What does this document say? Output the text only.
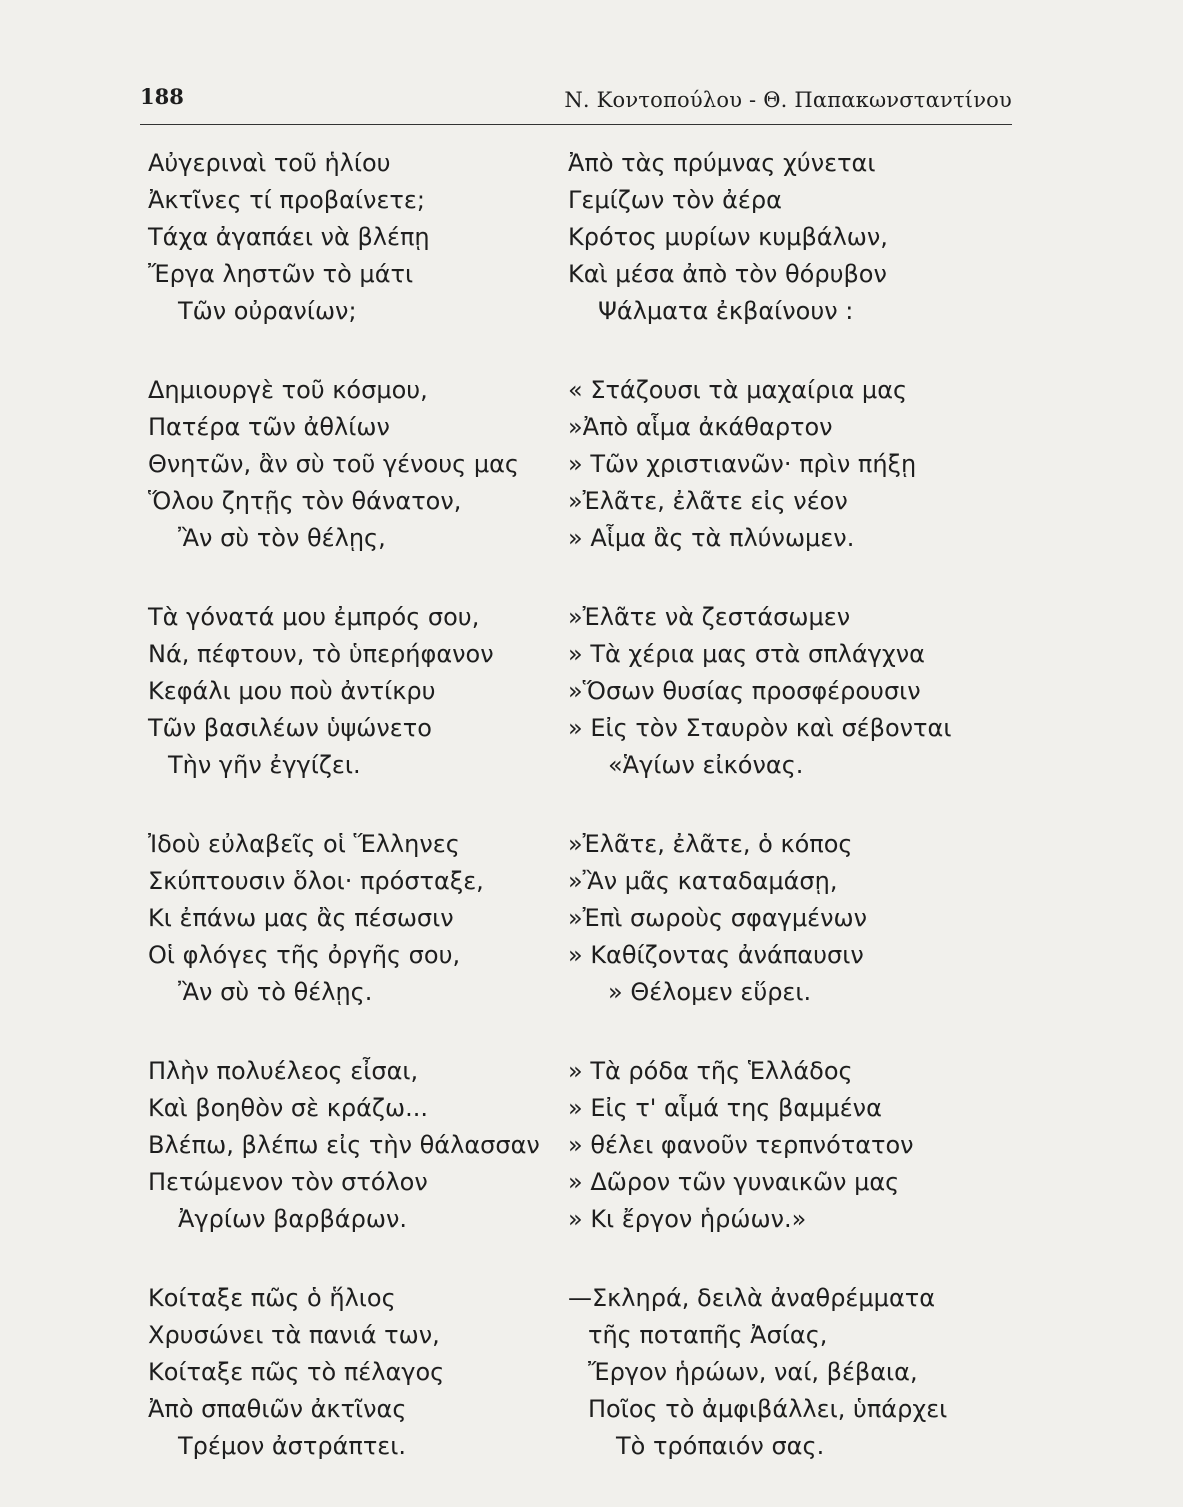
188	Ν. Κοντοπούλου - Θ. Παπακωνσταντίνου
Αὐγεριναὶ τοῦ ἡλίου
Ἀκτῖνες τί προβαίνετε;
Τάχα ἀγαπάει νὰ βλέπῃ
Ἔργα ληστῶν τὸ μάτι
Τῶν οὐρανίων;
Δημιουργὲ τοῦ κόσμου,
Πατέρα τῶν ἀθλίων
Θνητῶν, ἂν σὺ τοῦ γένους μας
Ὅλου ζητῇς τὸν θάνατον,
Ἂν σὺ τὸν θέλῃς,
Τὰ γόνατά μου ἐμπρός σου,
Νά, πέφτουν, τὸ ὑπερήφανον
Κεφάλι μου ποὺ ἀντίκρυ
Τῶν βασιλέων ὑψώνετο
Τὴν γῆν ἐγγίζει.
Ἰδοὺ εὐλαβεῖς οἱ Ἕλληνες
Σκύπτουσιν ὅλοι· πρόσταξε,
Κι ἐπάνω μας ἂς πέσωσιν
Οἱ φλόγες τῆς ὀργῆς σου,
Ἂν σὺ τὸ θέλῃς.
Πλὴν πολυέλεος εἶσαι,
Καὶ βοηθὸν σὲ κράζω...
Βλέπω, βλέπω εἰς τὴν θάλασσαν
Πετώμενον τὸν στόλον
Ἀγρίων βαρβάρων.
Κοίταξε πῶς ὁ ἥλιος
Χρυσώνει τὰ πανιά των,
Κοίταξε πῶς τὸ πέλαγος
Ἀπὸ σπαθιῶν ἀκτῖνας
Τρέμον ἀστράπτει.
Ἀπὸ τὰς πρύμνας χύνεται
Γεμίζων τὸν ἀέρα
Κρότος μυρίων κυμβάλων,
Καὶ μέσα ἀπὸ τὸν θόρυβον
Ψάλματα ἐκβαίνουν :
« Στάζουσι τὰ μαχαίρια μας
»Ἀπὸ αἷμα ἀκάθαρτον
» Τῶν χριστιανῶν· πρὶν πήξῃ
»Ἐλᾶτε, ἐλᾶτε εἰς νέον
» Αἷμα ἂς τὰ πλύνωμεν.
»Ἐλᾶτε νὰ ζεστάσωμεν
» Τὰ χέρια μας στὰ σπλάγχνα
»Ὅσων θυσίας προσφέρουσιν
» Εἰς τὸν Σταυρὸν καὶ σέβονται
«Ἁγίων εἰκόνας.
»Ἐλᾶτε, ἐλᾶτε, ὁ κόπος
»Ἂν μᾶς καταδαμάσῃ,
»Ἐπὶ σωροὺς σφαγμένων
» Καθίζοντας ἀνάπαυσιν
» Θέλομεν εὕρει.
» Τὰ ρόδα τῆς Ἑλλάδος
» Εἰς τ' αἷμά της βαμμένα
» θέλει φανοῦν τερπνότατον
» Δῶρον τῶν γυναικῶν μας
» Κι ἔργον ἡρώων.»
—Σκληρά, δειλὰ ἀναθρέμματα
τῆς ποταπῆς Ἀσίας,
Ἔργον ἡρώων, ναί, βέβαια,
Ποῖος τὸ ἀμφιβάλλει, ὑπάρχει
Τὸ τρόπαιόν σας.
